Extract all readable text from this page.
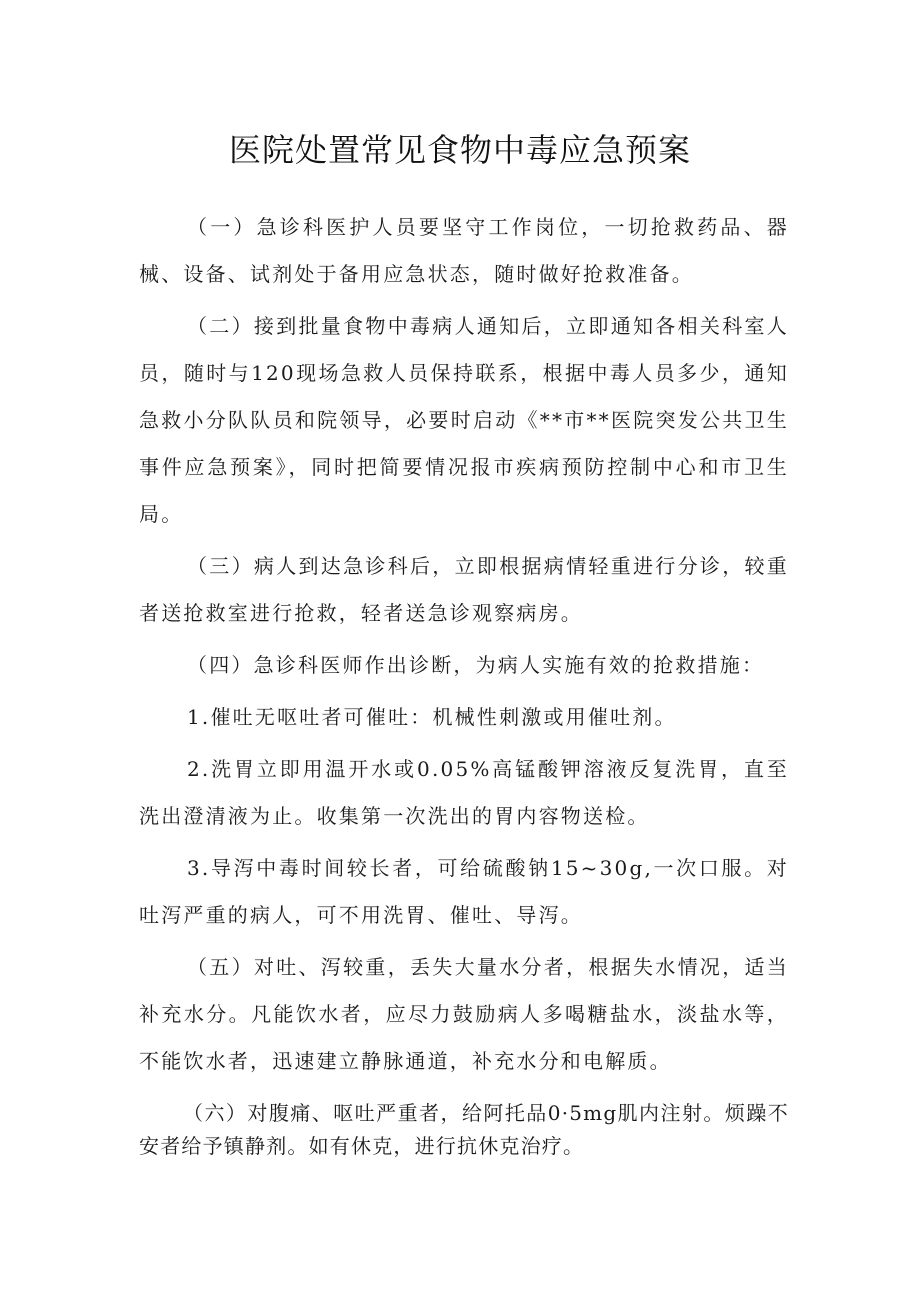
医院处置常见食物中毒应急预案

（一）急诊科医护人员要坚守工作岗位，一切抢救药品、器械、设备、试剂处于备用应急状态，随时做好抢救准备。

（二）接到批量食物中毒病人通知后，立即通知各相关科室人员，随时与120现场急救人员保持联系，根据中毒人员多少，通知急救小分队队员和院领导，必要时启动《**市**医院突发公共卫生事件应急预案》，同时把简要情况报市疾病预防控制中心和市卫生局。

（三）病人到达急诊科后，立即根据病情轻重进行分诊，较重者送抢救室进行抢救，轻者送急诊观察病房。

（四）急诊科医师作出诊断，为病人实施有效的抢救措施：

1.催吐无呕吐者可催吐：机械性刺激或用催吐剂。

2.洗胃立即用温开水或0.05%高锰酸钾溶液反复洗胃，直至洗出澄清液为止。收集第一次洗出的胃内容物送检。

3.导泻中毒时间较长者，可给硫酸钠15~30g,一次口服。对吐泻严重的病人，可不用洗胃、催吐、导泻。

（五）对吐、泻较重，丢失大量水分者，根据失水情况，适当补充水分。凡能饮水者，应尽力鼓励病人多喝糖盐水，淡盐水等，不能饮水者，迅速建立静脉通道，补充水分和电解质。

（六）对腹痛、呕吐严重者，给阿托品0·5mg肌内注射。烦躁不安者给予镇静剂。如有休克，进行抗休克治疗。
